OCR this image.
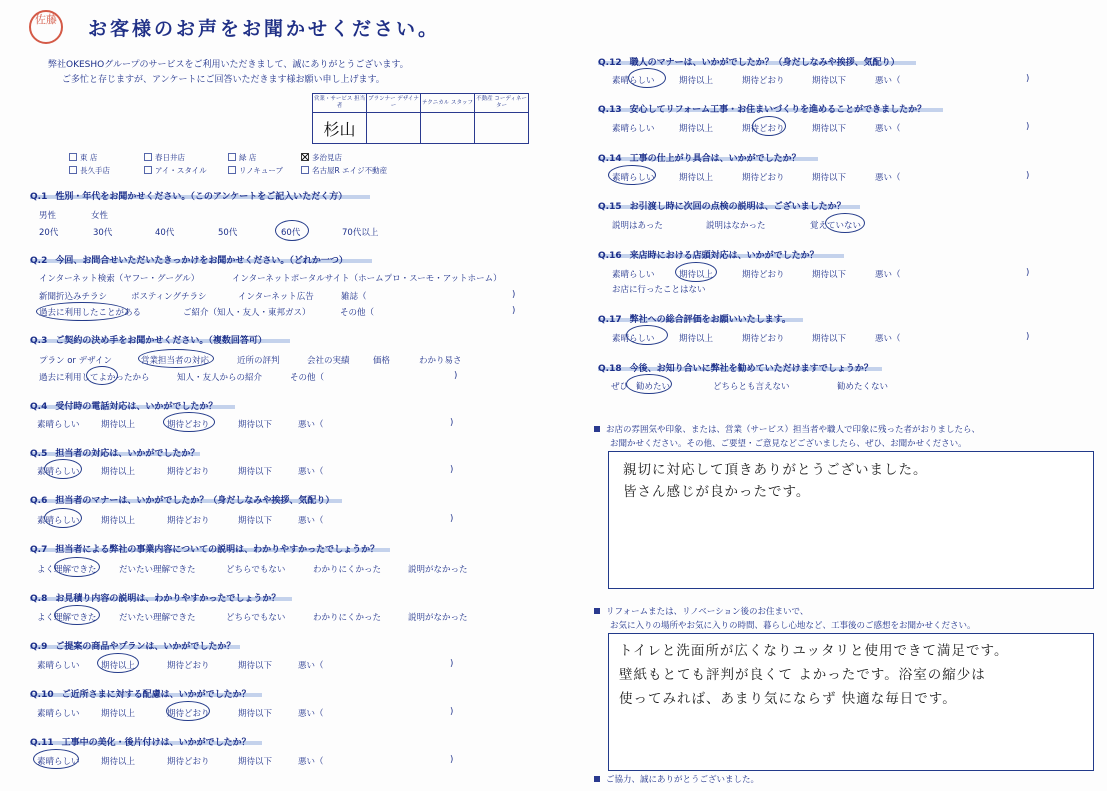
佐藤 お客様のお声をお聞かせください。
弊社OKESHOグループのサービスをご利用いただきまして、誠にありがとうございます。
ご多忙と存じますが、アンケートにご回答いただきます様お願い申し上げます。
営業・サービス 担当者	プランナー デザイナー	テクニカル スタッフ	不動産 コーディネーター
杉山			
東 店	春日井店	緑 店	多治見店
長久手店	アイ・スタイル	リノキューブ	名古屋R エイジ不動産
Q.1 性別・年代をお聞かせください。（このアンケートをご記入いただく方）
男性	女性
20代	30代	40代	50代	60代	70代以上
Q.2 今回、お問合せいただいたきっかけをお聞かせください。（どれか一つ）
インターネット検索（ヤフー・グーグル）	インターネットポータルサイト（ホームプロ・スーモ・アットホーム）
新聞折込みチラシ	ポスティングチラシ	インターネット広告	雑誌（	)
過去に利用したことがある	ご紹介（知人・友人・東邦ガス）	その他（	)
Q.3 ご契約の決め手をお聞かせください。（複数回答可）
プラン or デザイン	営業担当者の対応	近所の評判	会社の実績	価格	わかり易さ
過去に利用してよかったから	知人・友人からの紹介	その他（	)
Q.4 受付時の電話対応は、いかがでしたか？
素晴らしい	期待以上	期待どおり	期待以下	悪い（	)
Q.5 担当者の対応は、いかがでしたか？
素晴らしい	期待以上	期待どおり	期待以下	悪い（	)
Q.6 担当者のマナーは、いかがでしたか？（身だしなみや挨拶、気配り）
素晴らしい	期待以上	期待どおり	期待以下	悪い（	)
Q.7 担当者による弊社の事業内容についての説明は、わかりやすかったでしょうか？
よく理解できた	だいたい理解できた	どちらでもない	わかりにくかった	説明がなかった
Q.8 お見積り内容の説明は、わかりやすかったでしょうか？
よく理解できた	だいたい理解できた	どちらでもない	わかりにくかった	説明がなかった
Q.9 ご提案の商品やプランは、いかがでしたか？
素晴らしい	期待以上	期待どおり	期待以下	悪い（	)
Q.10 ご近所さまに対する配慮は、いかがでしたか？
素晴らしい	期待以上	期待どおり	期待以下	悪い（	)
Q.11 工事中の美化・後片付けは、いかがでしたか？
素晴らしい	期待以上	期待どおり	期待以下	悪い（	)
Q.12 職人のマナーは、いかがでしたか？（身だしなみや挨拶、気配り）
素晴らしい	期待以上	期待どおり	期待以下	悪い（	)
Q.13 安心してリフォーム工事・お住まいづくりを進めることができましたか？
素晴らしい	期待以上	期待どおり	期待以下	悪い（	)
Q.14 工事の仕上がり具合は、いかがでしたか？
素晴らしい	期待以上	期待どおり	期待以下	悪い（	)
Q.15 お引渡し時に次回の点検の説明は、ございましたか？
説明はあった	説明はなかった	覚えていない
Q.16 来店時における店頭対応は、いかがでしたか？
素晴らしい	期待以上	期待どおり	期待以下	悪い（	)
お店に行ったことはない
Q.17 弊社への総合評価をお願いいたします。
素晴らしい	期待以上	期待どおり	期待以下	悪い（	)
Q.18 今後、お知り合いに弊社を勧めていただけますでしょうか？
ぜひ 勧めたい	どちらとも言えない	勧めたくない
お店の雰囲気や印象、または、営業（サービス）担当者や職人で印象に残った者がおりましたら、
お聞かせください。その他、ご要望・ご意見などございましたら、ぜひ、お聞かせください。
親切に対応して頂きありがとうございました。
皆さん感じが良かったです。
リフォームまたは、リノベーション後のお住まいで、
お気に入りの場所やお気に入りの時間、暮らし心地など、工事後のご感想をお聞かせください。
トイレと洗面所が広くなりユッタリと使用できて満足です。
壁紙もとても評判が良くて よかったです。浴室の縮少は
使ってみれば、あまり気にならず 快適な毎日です。
ご協力、誠にありがとうございました。
